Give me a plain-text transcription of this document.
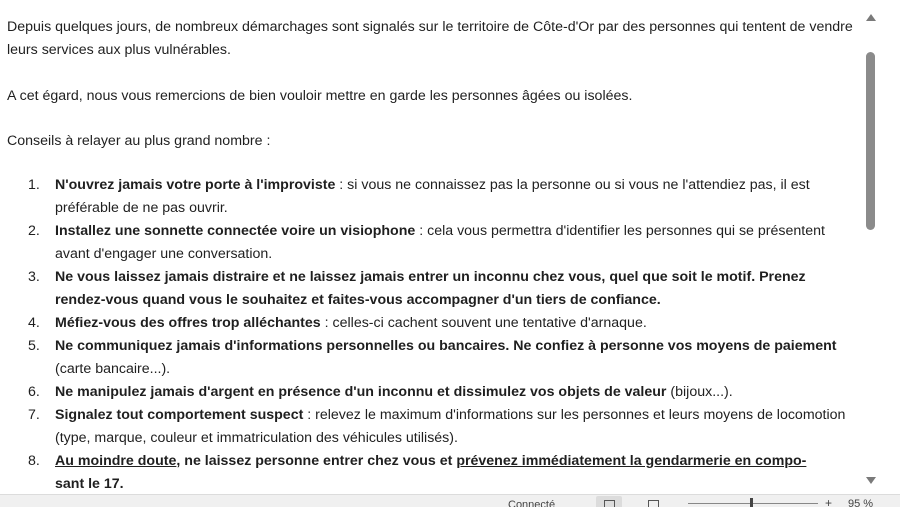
Depuis quelques jours, de nombreux démarchages sont signalés sur le territoire de Côte-d'Or par des personnes qui tentent de vendre leurs services aux plus vulnérables.

A cet égard, nous vous remercions de bien vouloir mettre en garde les personnes âgées ou isolées.

Conseils à relayer au plus grand nombre :

1. N'ouvrez jamais votre porte à l'improviste : si vous ne connaissez pas la personne ou si vous ne l'attendiez pas, il est préférable de ne pas ouvrir.
2. Installez une sonnette connectée voire un visiophone : cela vous permettra d'identifier les personnes qui se présentent avant d'engager une conversation.
3. Ne vous laissez jamais distraire et ne laissez jamais entrer un inconnu chez vous, quel que soit le motif. Prenez rendez-vous quand vous le souhaitez et faites-vous accompagner d'un tiers de confiance.
4. Méfiez-vous des offres trop alléchantes : celles-ci cachent souvent une tentative d'arnaque.
5. Ne communiquez jamais d'informations personnelles ou bancaires. Ne confiez à personne vos moyens de paiement (carte bancaire...).
6. Ne manipulez jamais d'argent en présence d'un inconnu et dissimulez vos objets de valeur (bijoux...).
7. Signalez tout comportement suspect : relevez le maximum d'informations sur les personnes et leurs moyens de locomotion (type, marque, couleur et immatriculation des véhicules utilisés).
8. Au moindre doute, ne laissez personne entrer chez vous et prévenez immédiatement la gendarmerie en compo-
sant le 17.
Connecté	+ 95 %
